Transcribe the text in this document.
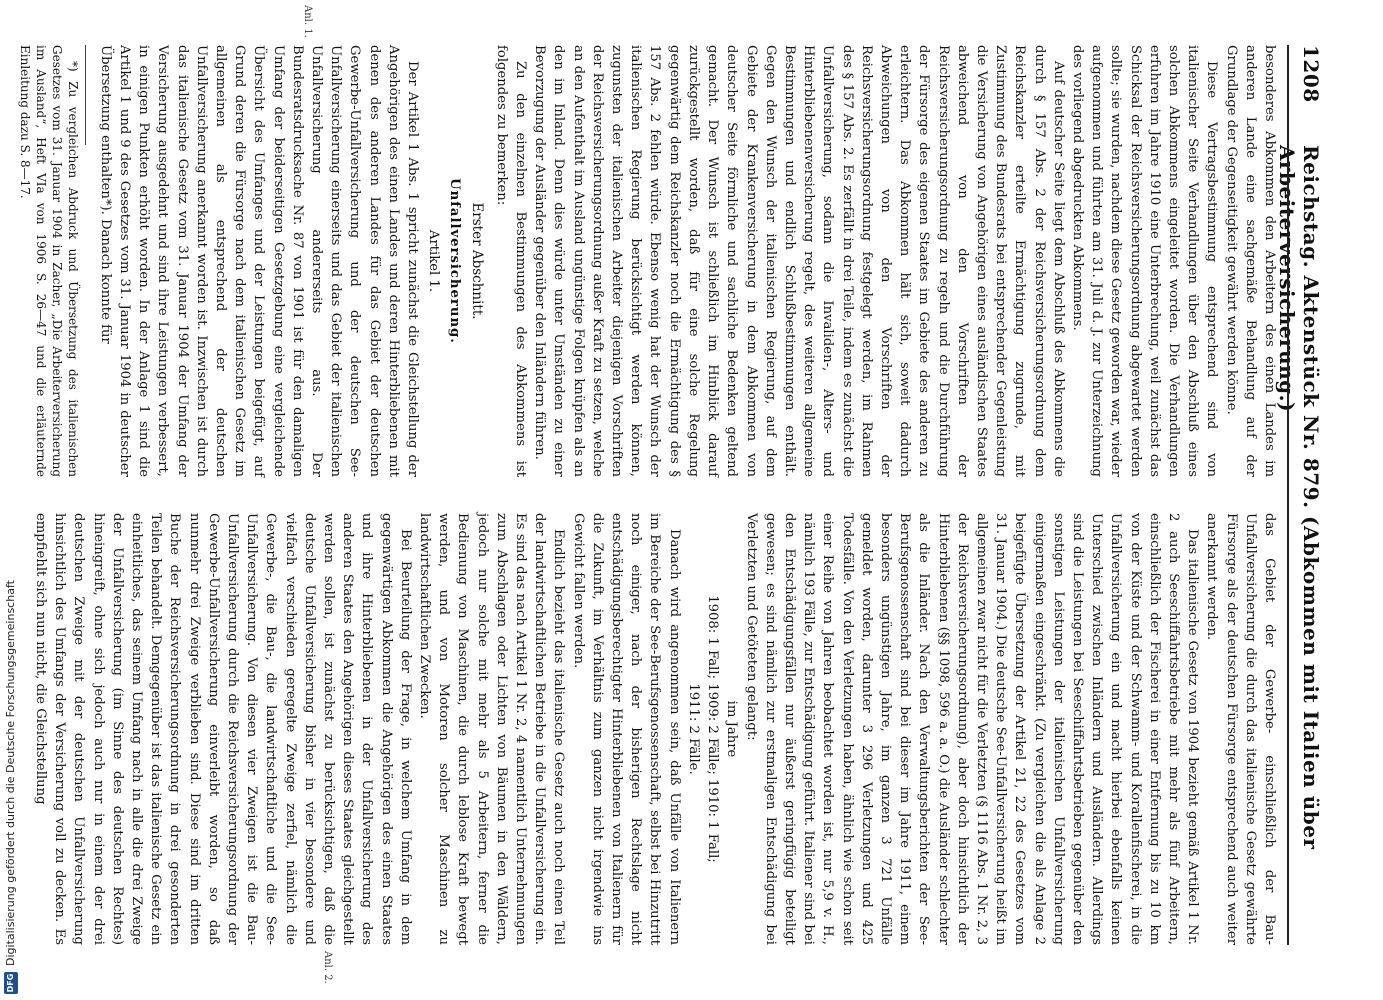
1208
Reichstag. Aktenstück Nr. 879. (Abkommen mit Italien über Arbeiterversicherung.)
Anl. 1.
Anl. 2.

besonderes Abkommen den Arbeitern des einen Landes im anderen Lande eine sachgemäße Behandlung auf der Grundlage der Gegenseitigkeit gewährt werden könne.

Diese Vertragsbestimmung entsprechend sind von italienischer Seite Verhandlungen über den Abschluß eines solchen Abkommens eingeleitet worden. Die Verhandlungen erfuhren im Jahre 1910 eine Unterbrechung, weil zunächst das Schicksal der Reichsversicherungsordnung abgewartet werden sollte; sie wurden, nachdem diese Gesetz geworden war, wieder aufgenommen und führten am 31. Juli d. J. zur Unterzeichnung des vorliegend abgedruckten Abkommens.

Auf deutscher Seite liegt dem Abschluß des Abkommens die durch § 157 Abs. 2 der Reichsversicherungsordnung dem Reichskanzler erteilte Ermächtigung zugrunde, mit Zustimmung des Bundesrats bei entsprechender Gegenleistung die Versicherung von Angehörigen eines ausländischen Staates abweichend von den Vorschriften der Reichsversicherungsordnung zu regeln und die Durchführung der Fürsorge des eigenen Staates im Gebiete des anderen zu erleichtern. Das Abkommen hält sich, soweit dadurch Abweichungen von den Vorschriften der Reichsversicherungsordnung festgelegt werden, im Rahmen des § 157 Abs. 2. Es zerfällt in drei Teile, indem es zunächst die Unfallversicherung, sodann die Invaliden-, Alters- und Hinterbliebenenversicherung regelt, des weiteren allgemeine Bestimmungen und endlich Schlußbestimmungen enthält. Gegen den Wunsch der italienischen Regierung, auf dem Gebiete der Krankenversicherung in dem Abkommen von deutscher Seite förmliche und sachliche Bedenken geltend gemacht. Der Wunsch ist schließlich im Hinblick darauf zurückgestellt worden, daß für eine solche Regelung gegenwärtig dem Reichskanzler noch die Ermächtigung des § 157 Abs. 2 fehlen würde. Ebenso wenig hat der Wunsch der italienischen Regierung berücksichtigt werden können, zugunsten der italienischen Arbeiter diejenigen Vorschriften der Reichsversicherungsordnung außer Kraft zu setzen, welche an den Aufenthalt im Ausland ungünstige Folgen knüpfen als an den im Inland. Denn dies würde unter Umständen zu einer Bevorzugung der Ausländer gegenüber den Inländern führen.

Zu den einzelnen Bestimmungen des Abkommens ist folgendes zu bemerken:

Erster Abschnitt.

Unfallversicherung.

Artikel 1.

Der Artikel 1 Abs. 1 spricht zunächst die Gleichstellung der Angehörigen des einen Landes und deren Hinterbliebenen mit denen des anderen Landes für das Gebiet der deutschen Gewerbe-Unfallversicherung und der deutschen See-Unfallversicherung einerseits und das Gebiet der italienischen Unfallversicherung andererseits aus. Der Bundesratsdrucksache Nr. 87 von 1901 ist für den damaligen Umfang der beiderseitigen Gesetzgebung eine vergleichende Übersicht des Umfanges und der Leistungen beigefügt, auf Grund deren die Fürsorge nach dem italienischen Gesetz im allgemeinen als entsprechend der deutschen Unfallversicherung anerkannt worden ist. Inzwischen ist durch das italienische Gesetz vom 31. Januar 1904 der Umfang der Versicherung ausgedehnt und sind ihre Leistungen verbessert, in einigen Punkten erhöht worden. In der Anlage 1 sind die Artikel 1 und 9 des Gesetzes vom 31. Januar 1904 in deutscher Übersetzung enthalten*). Danach konnte für

*) Zu vergleichen Abdruck und Übersetzung des italienischen Gesetzes vom 31. Januar 1904 in Zacher, „Die Arbeiterversicherung im Ausland“, Heft VIa von 1906 S. 26—47 und die erläuternde Einleitung dazu S. 8—17.

das Gebiet der Gewerbe- einschließlich der Bau-Unfallversicherung die durch das italienische Gesetz gewährte Fürsorge als der deutschen Fürsorge entsprechend auch weiter anerkannt werden.

Das italienische Gesetz von 1904 bezieht gemäß Artikel 1 Nr. 2 auch Seeschiffahrtsbetriebe mit mehr als fünf Arbeitern, einschließlich der Fischerei in einer Entfernung bis zu 10 km von der Küste und der Schwamm- und Korallenfischerei, in die Unfallversicherung ein und macht hierbei ebenfalls keinen Unterschied zwischen Inländern und Ausländern. Allerdings sind die Leistungen bei Seeschiffahrtsbetrieben gegenüber den sonstigen Leistungen der italienischen Unfallversicherung einigermaßen eingeschränkt. (Zu vergleichen die als Anlage 2 beigefügte Übersetzung der Artikel 21, 22 des Gesetzes vom 31. Januar 1904.) Die deutsche See-Unfallversicherung heißt im allgemeinen zwar nicht für die Verletzten (§ 1116 Abs. 1 Nr. 2, 3 der Reichsversicherungsordnung), aber doch hinsichtlich der Hinterbliebenen (§§ 1098, 596 a. a. O.) die Ausländer schlechter als die Inländer. Nach den Verwaltungsberichten der See-Berufsgenossenschaft sind bei dieser im Jahre 1911, einem besonders ungünstigen Jahre, im ganzen 3 721 Unfälle gemeldet worden, darunter 3 296 Verletzungen und 425 Todesfälle. Von den Verletzungen haben, ähnlich wie schon seit einer Reihe von Jahren beobachtet worden ist, nur 5,9 v. H., nämlich 193 Fälle, zur Entschädigung geführt. Italiener sind bei den Entschädigungsfällen nur äußerst geringfügig beteiligt gewesen; es sind nämlich zur erstmaligen Entschädigung bei Verletzten und Getöteten gelangt:

im Jahre

1908: 1 Fall; 1909: 2 Fälle; 1910: 1 Fall;

1911: 2 Fälle.

Danach wird angenommen sein, daß Unfälle von Italienern im Bereiche der See-Berufsgenossenschaft, selbst bei Hinzutritt noch einiger, nach der bisherigen Rechtslage nicht entschädigungsberechtigter Hinterbliebenen von Italienern für die Zukunft, im Verhältnis zum ganzen nicht irgendwie ins Gewicht fallen werden.

Endlich bezieht das italienische Gesetz auch noch einen Teil der landwirtschaftlichen Betriebe in die Unfallversicherung ein. Es sind das nach Artikel 1 Nr. 2, 4 namentlich Unternehmungen zum Abschlagen oder Lichten von Bäumen in den Wäldern, jedoch nur solche mit mehr als 5 Arbeitern, ferner die Bedienung von Maschinen, die durch leblose Kraft bewegt werden, und von Motoren solcher Maschinen zu landwirtschaftlichen Zwecken.

Bei Beurteilung der Frage, in welchem Umfang in dem gegenwärtigen Abkommen die Angehörigen des einen Staates und ihre Hinterbliebenen in der Unfallversicherung des anderen Staates den Angehörigen dieses Staates gleichgestellt werden sollen, ist zunächst zu berücksichtigen, daß die deutsche Unfallversicherung bisher in vier besondere und vielfach verschieden geregelte Zweige zerfiel, nämlich die Gewerbe-, die Bau-, die landwirtschaftliche und die See-Unfallversicherung. Von diesen vier Zweigen ist die Bau-Unfallversicherung durch die Reichsversicherungsordnung der Gewerbe-Unfallversicherung einverleibt worden, so daß nunmehr drei Zweige verblieben sind. Diese sind im dritten Buche der Reichsversicherungsordnung in drei gesonderten Teilen behandelt. Demgegenüber ist das italienische Gesetz ein einheitliches, das seinem Umfang nach in alle die drei Zweige der Unfallversicherung (im Sinne des deutschen Rechtes) hineingreift, ohne sich jedoch auch nur in einem der drei deutschen Zweige mit der deutschen Unfallversicherung hinsichtlich des Umfangs der Versicherung voll zu decken. Es empfiehlt sich nun nicht, die Gleichstellung

DFG
Digitalisierung gefördert durch die Deutsche Forschungsgemeinschaft
